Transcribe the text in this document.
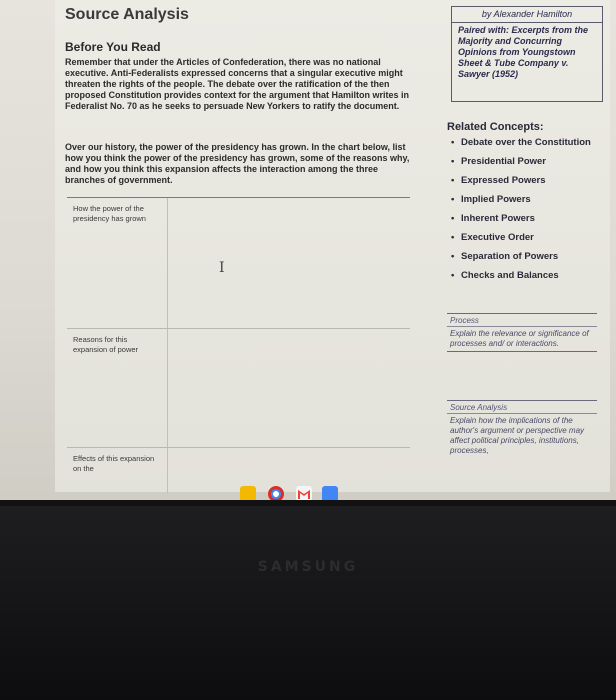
Source Analysis
Before You Read
Remember that under the Articles of Confederation, there was no national executive. Anti-Federalists expressed concerns that a singular executive might threaten the rights of the people. The debate over the ratification of the then proposed Constitution provides context for the argument that Hamilton writes in Federalist No. 70 as he seeks to persuade New Yorkers to ratify the document.
Over our history, the power of the presidency has grown. In the chart below, list how you think the power of the presidency has grown, some of the reasons why, and how you think this expansion affects the interaction among the three branches of government.
How the power of the presidency has grown
I
Reasons for this expansion of power
Effects of this expansion on the
by Alexander Hamilton
Paired with: Excerpts from the Majority and Concurring Opinions from Youngstown Sheet & Tube Company v. Sawyer (1952)
Related Concepts:
• Debate over the Constitution
• Presidential Power
• Expressed Powers
• Implied Powers
• Inherent Powers
• Executive Order
• Separation of Powers
• Checks and Balances
Process
Explain the relevance or significance of processes and/ or interactions.
Source Analysis
Explain how the implications of the author's argument or perspective may affect political principles, institutions, processes,
SAMSUNG
